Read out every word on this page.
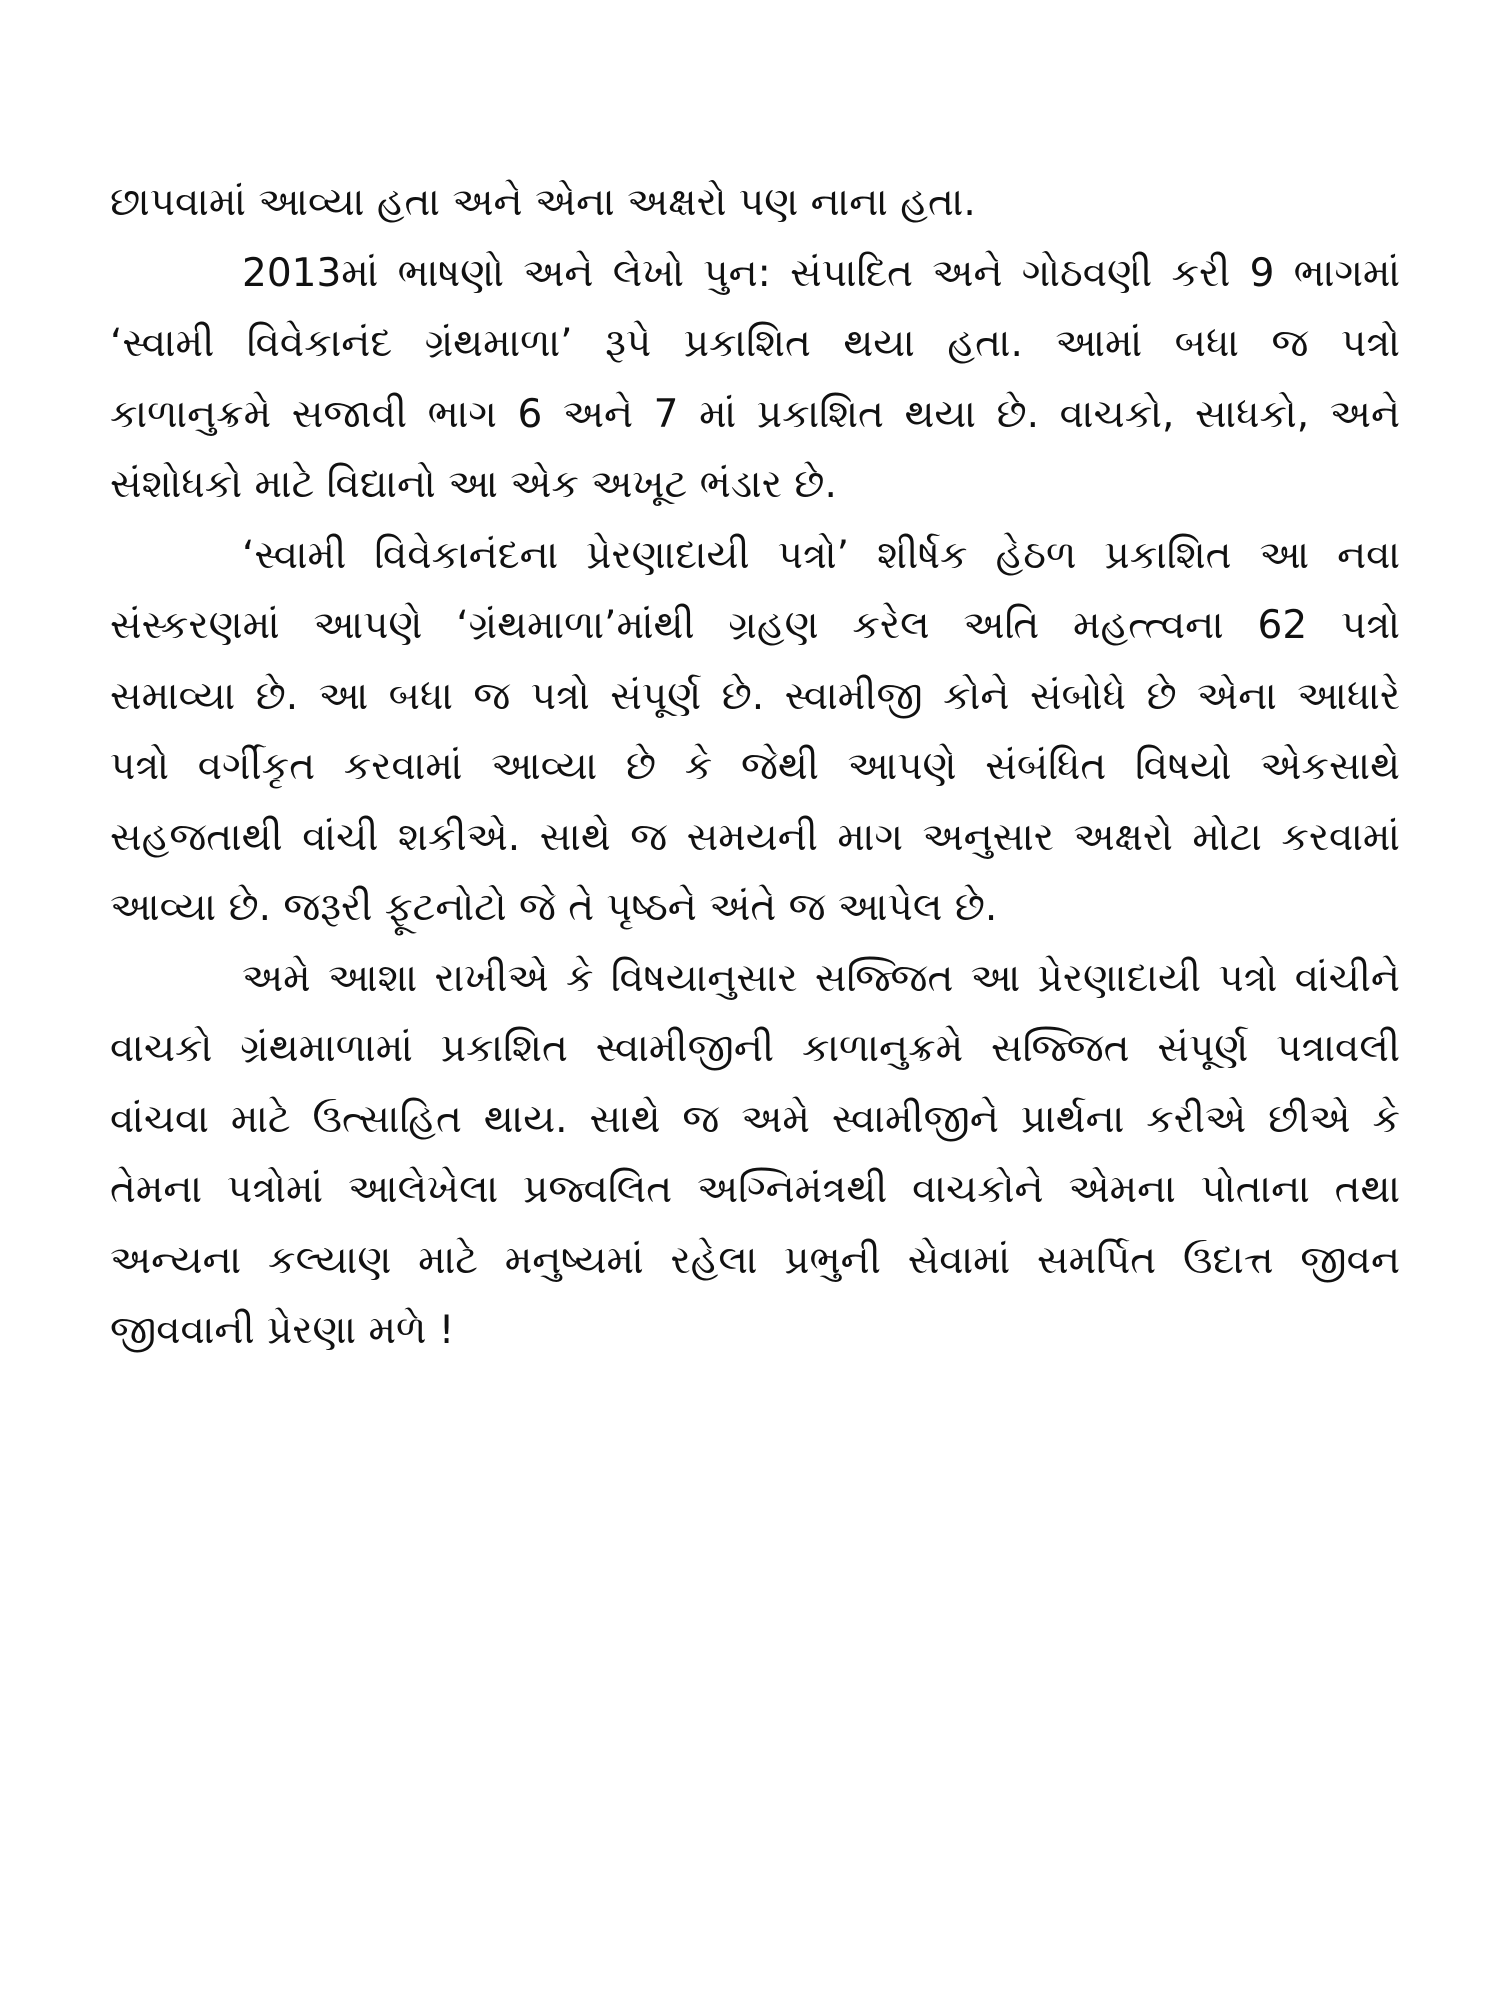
છાપવામાં આવ્યા હતા અને એના અક્ષરો પણ નાના હતા.
2013માં ભાષણો અને લેખો પુન: સંપાદિત અને ગોઠવણી કરી 9 ભાગમાં
‘સ્વામી વિવેકાનંદ ગ્રંથમાળા’ રૂપે પ્રકાશિત થયા હતા. આમાં બધા જ પત્રો
કાળાનુક્રમે સજાવી ભાગ 6 અને 7 માં પ્રકાશિત થયા છે. વાચકો, સાધકો, અને
સંશોધકો માટે વિદ્યાનો આ એક અખૂટ ભંડાર છે.
‘સ્વામી વિવેકાનંદના પ્રેરણાદાયી પત્રો’ શીર્ષક હેઠળ પ્રકાશિત આ નવા
સંસ્કરણમાં આપણે ‘ગ્રંથમાળા’માંથી ગ્રહણ કરેલ અતિ મહત્ત્વના 62 પત્રો
સમાવ્યા છે. આ બધા જ પત્રો સંપૂર્ણ છે. સ્વામીજી કોને સંબોધે છે એના આધારે
પત્રો વર્ગીકૃત કરવામાં આવ્યા છે કે જેથી આપણે સંબંધિત વિષયો એકસાથે
સહજતાથી વાંચી શકીએ. સાથે જ સમયની માગ અનુસાર અક્ષરો મોટા કરવામાં
આવ્યા છે. જરૂરી ફૂટનોટો જે તે પૃષ્ઠને અંતે જ આપેલ છે.
અમે આશા રાખીએ કે વિષયાનુસાર સજ્જિત આ પ્રેરણાદાયી પત્રો વાંચીને
વાચકો ગ્રંથમાળામાં પ્રકાશિત સ્વામીજીની કાળાનુક્રમે સજ્જિત સંપૂર્ણ પત્રાવલી
વાંચવા માટે ઉત્સાહિત થાય. સાથે જ અમે સ્વામીજીને પ્રાર્થના કરીએ છીએ કે
તેમના પત્રોમાં આલેખેલા પ્રજ્વલિત અગ્નિમંત્રથી વાચકોને એમના પોતાના તથા
અન્યના કલ્યાણ માટે મનુષ્યમાં રહેલા પ્રભુની સેવામાં સમર્પિત ઉદાત્ત જીવન
જીવવાની પ્રેરણા મળે !
